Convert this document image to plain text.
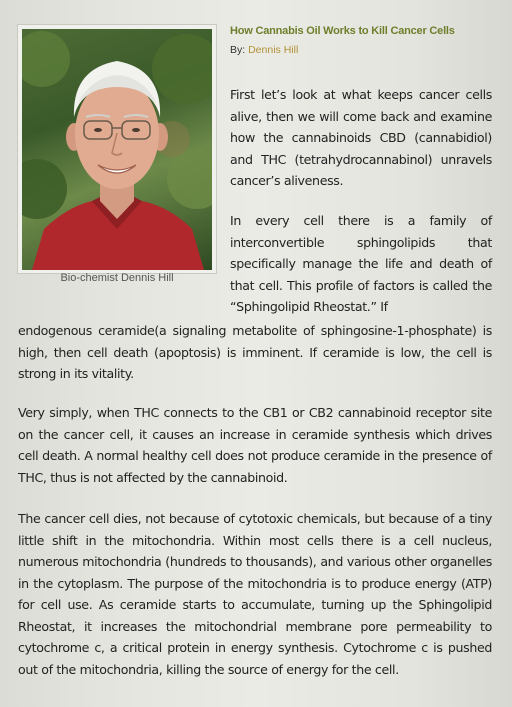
Bio-chemist Dennis Hill
How Cannabis Oil Works to Kill Cancer Cells
By: Dennis Hill

First let’s look at what keeps cancer cells alive, then we will come back and examine how the cannabinoids CBD (cannabidiol) and THC (tetrahydrocannabinol) unravels cancer’s aliveness.

In every cell there is a family of interconvertible sphingolipids that specifically manage the life and death of that cell. This profile of factors is called the “Sphingolipid Rheostat.” If

endogenous ceramide(a signaling metabolite of sphingosine-1-phosphate) is high, then cell death (apoptosis) is imminent. If ceramide is low, the cell is strong in its vitality.

Very simply, when THC connects to the CB1 or CB2 cannabinoid receptor site on the cancer cell, it causes an increase in ceramide synthesis which drives cell death. A normal healthy cell does not produce ceramide in the presence of THC, thus is not affected by the cannabinoid.

The cancer cell dies, not because of cytotoxic chemicals, but because of a tiny little shift in the mitochondria. Within most cells there is a cell nucleus, numerous mitochondria (hundreds to thousands), and various other organelles in the cytoplasm. The purpose of the mitochondria is to produce energy (ATP) for cell use. As ceramide starts to accumulate, turning up the Sphingolipid Rheostat, it increases the mitochondrial membrane pore permeability to cytochrome c, a critical protein in energy synthesis. Cytochrome c is pushed out of the mitochondria, killing the source of energy for the cell.
